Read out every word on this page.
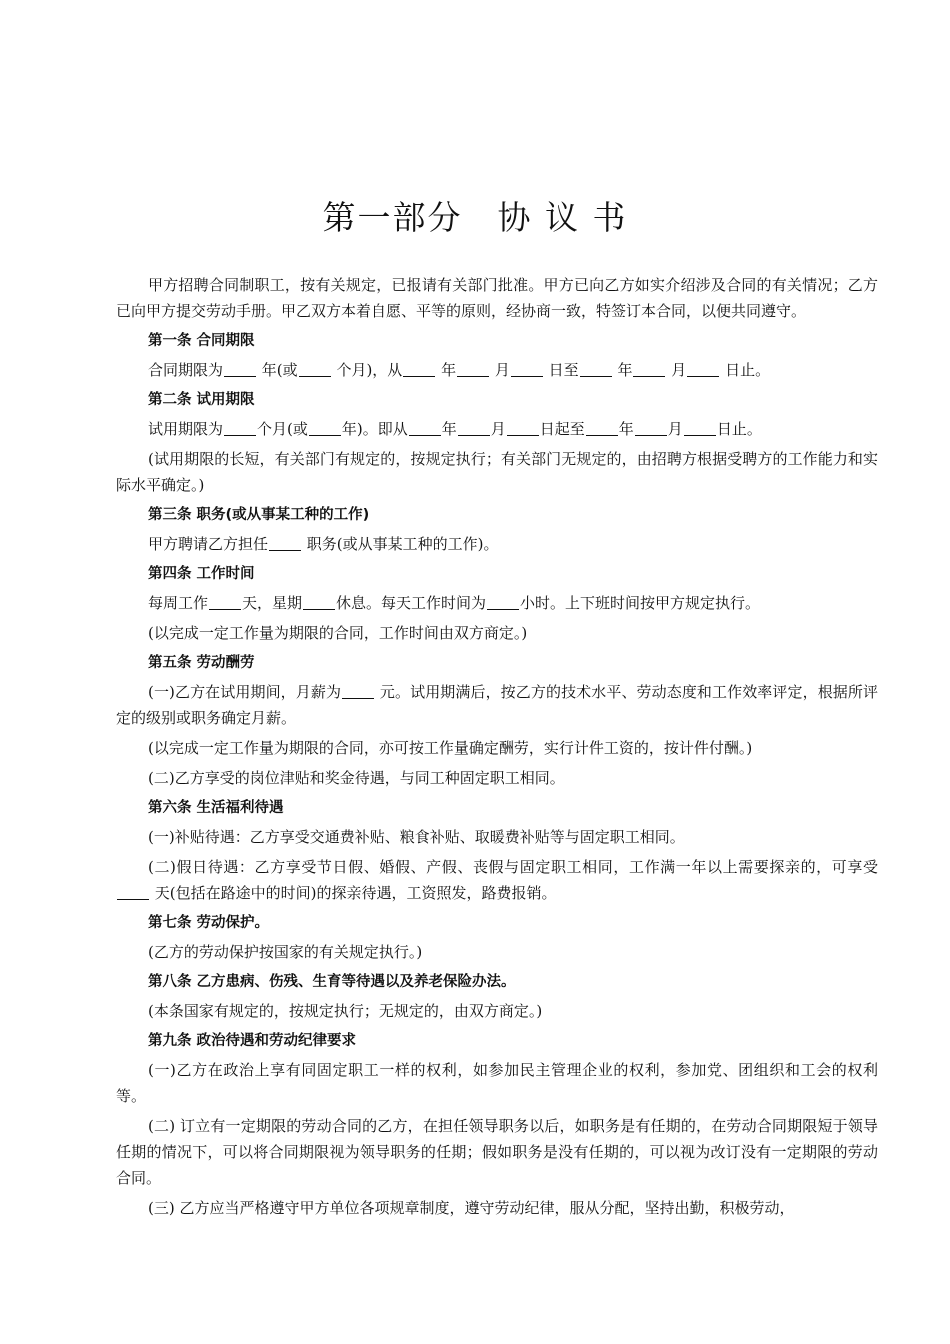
第一部分　协 议 书

甲方招聘合同制职工，按有关规定，已报请有关部门批准。甲方已向乙方如实介绍涉及合同的有关情况；乙方已向甲方提交劳动手册。甲乙双方本着自愿、平等的原则，经协商一致，特签订本合同，以便共同遵守。

第一条 合同期限

合同期限为	年(或	个月)，从	年	月	日至	年	月	日止。

第二条 试用期限

试用期限为 个月(或 年)。即从 年 月 日起至 年 月 日止。

(试用期限的长短，有关部门有规定的，按规定执行；有关部门无规定的，由招聘方根据受聘方的工作能力和实际水平确定。)

第三条 职务(或从事某工种的工作)

甲方聘请乙方担任	职务(或从事某工种的工作)。

第四条 工作时间

每周工作 天，星期 休息。每天工作时间为 小时。上下班时间按甲方规定执行。

(以完成一定工作量为期限的合同，工作时间由双方商定。)

第五条 劳动酬劳

(一)乙方在试用期间，月薪为	元。试用期满后，按乙方的技术水平、劳动态度和工作效率评定，根据所评定的级别或职务确定月薪。

(以完成一定工作量为期限的合同，亦可按工作量确定酬劳，实行计件工资的，按计件付酬。)

(二)乙方享受的岗位津贴和奖金待遇，与同工种固定职工相同。

第六条 生活福利待遇

(一)补贴待遇：乙方享受交通费补贴、粮食补贴、取暖费补贴等与固定职工相同。

(二)假日待遇：乙方享受节日假、婚假、产假、丧假与固定职工相同，工作满一年以上需要探亲的，可享受 天(包括在路途中的时间)的探亲待遇，工资照发，路费报销。

第七条 劳动保护。

(乙方的劳动保护按国家的有关规定执行。)

第八条 乙方患病、伤残、生育等待遇以及养老保险办法。

(本条国家有规定的，按规定执行；无规定的，由双方商定。)

第九条 政治待遇和劳动纪律要求

(一)乙方在政治上享有同固定职工一样的权利，如参加民主管理企业的权利，参加党、团组织和工会的权利等。

(二) 订立有一定期限的劳动合同的乙方，在担任领导职务以后，如职务是有任期的，在劳动合同期限短于领导任期的情况下，可以将合同期限视为领导职务的任期；假如职务是没有任期的，可以视为改订没有一定期限的劳动合同。

(三) 乙方应当严格遵守甲方单位各项规章制度，遵守劳动纪律，服从分配，坚持出勤，积极劳动，
